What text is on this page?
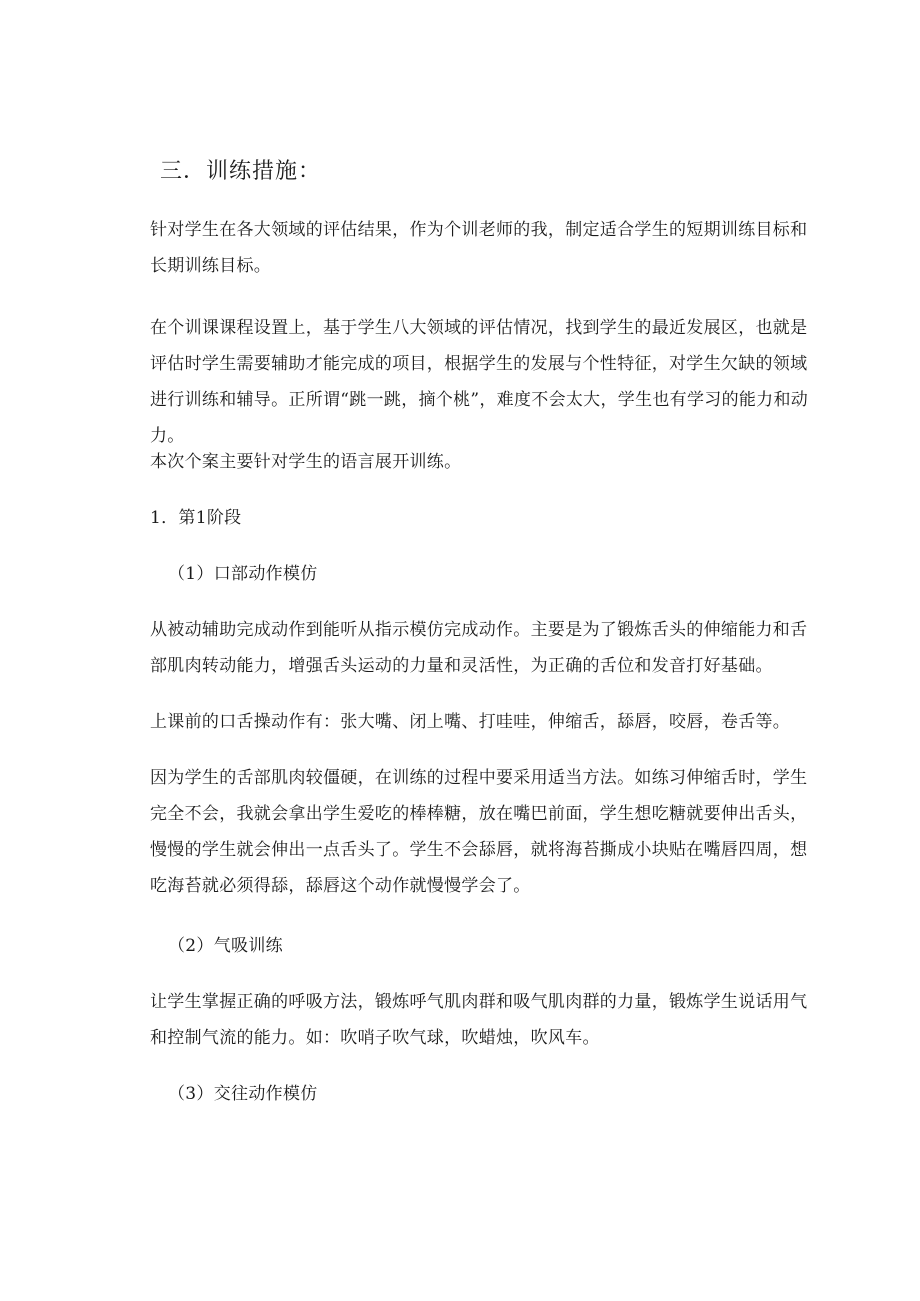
三．训练措施：

针对学生在各大领域的评估结果，作为个训老师的我，制定适合学生的短期训练目标和长期训练目标。

在个训课课程设置上，基于学生八大领域的评估情况，找到学生的最近发展区，也就是评估时学生需要辅助才能完成的项目，根据学生的发展与个性特征，对学生欠缺的领域进行训练和辅导。正所谓“跳一跳，摘个桃”，难度不会太大，学生也有学习的能力和动力。

本次个案主要针对学生的语言展开训练。

1．第1阶段

（1）口部动作模仿

从被动辅助完成动作到能听从指示模仿完成动作。主要是为了锻炼舌头的伸缩能力和舌部肌肉转动能力，增强舌头运动的力量和灵活性，为正确的舌位和发音打好基础。

上课前的口舌操动作有：张大嘴、闭上嘴、打哇哇，伸缩舌，舔唇，咬唇，卷舌等。

因为学生的舌部肌肉较僵硬，在训练的过程中要采用适当方法。如练习伸缩舌时，学生完全不会，我就会拿出学生爱吃的棒棒糖，放在嘴巴前面，学生想吃糖就要伸出舌头，慢慢的学生就会伸出一点舌头了。学生不会舔唇，就将海苔撕成小块贴在嘴唇四周，想吃海苔就必须得舔，舔唇这个动作就慢慢学会了。

（2）气吸训练

让学生掌握正确的呼吸方法，锻炼呼气肌肉群和吸气肌肉群的力量，锻炼学生说话用气和控制气流的能力。如：吹哨子吹气球，吹蜡烛，吹风车。

（3）交往动作模仿
